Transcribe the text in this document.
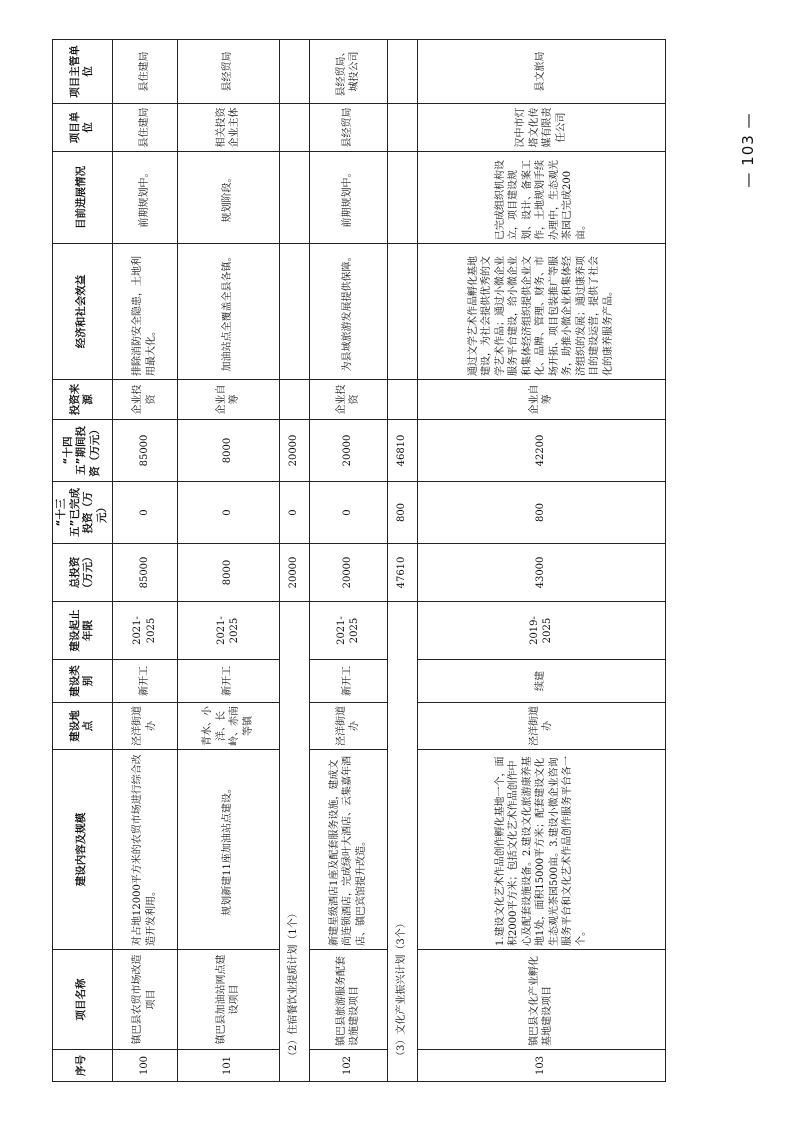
序号	项目名称	建设内容及规模	建设地点	建设类别	建设起止年限	总投资（万元）	“十三五”已完成投资（万元）	“十四五”期间投资（万元）	投资来源	经济和社会效益	目前进展情况	项目单位	项目主管单位	
100	镇巴县农贸市场改造项目	对占地12000平方米的农贸市场进行综合改造开发利用。	泾洋街道办	新开工	2021-2025	85000	0	85000	企业投资	排除消防安全隐患，土地利用最大化。	前期规划中。	县住建局	县住建局	
101	镇巴县加油站网点建设项目	规划新建11座加油站点建设。	青水、小洋、长岭、赤南等镇	新开工	2021-2025	8000	0	8000	企业自筹	加油站点全覆盖全县各镇。	规划阶段。	相关投资企业主体	县经贸局	
（2）住宿餐饮业提质计划（1个）						20000	0	20000						
102	镇巴县旅游服务配套设施建设项目	新建星级酒店1座及配套服务设施，建成文尚连锁酒店，完成绿叶大酒店、云集嘉年酒店、镇巴宾馆提升改造。	泾洋街道办	新开工	2021-2025	20000	0	20000	企业投资	为县域旅游发展提供保障。	前期规划中。	县经贸局	县经贸局、城投公司	
（3）文化产业振兴计划（3个）						47610	800	46810						
103	镇巴县文化产业孵化基地建设项目	1.建设文化艺术作品创作孵化基地一个，面积2000平方米；包括文化艺术作品创作中心及配套设施设备。2.建设文化旅游康养基地1处，面积15000平方米；配套建设文化生态观光茶园500亩。3.建设小微企业咨询服务平台和文化艺术作品创作服务平台各一个。	泾洋街道办	续建	2019-2025	43000	800	42200	企业自筹	通过文学艺术作品孵化基地建设，为社会提供优秀的文学艺术作品；通过小微企业服务平台建设，给小微企业和集体经济组织提供企业文化、品牌、管理、财务、市场开拓、项目包装推广等服务，助推小微企业和集体经济组织的发展；通过康养项目的建设运营，提供了社会化的康养服务产品。	已完成组织机构设立，项目建设规划、设计、备案工作，土地规划手续办理中，生态观光茶园已完成200亩。	汉中市灯塔文化传媒有限责任公司	县文旅局	
— 103 —
